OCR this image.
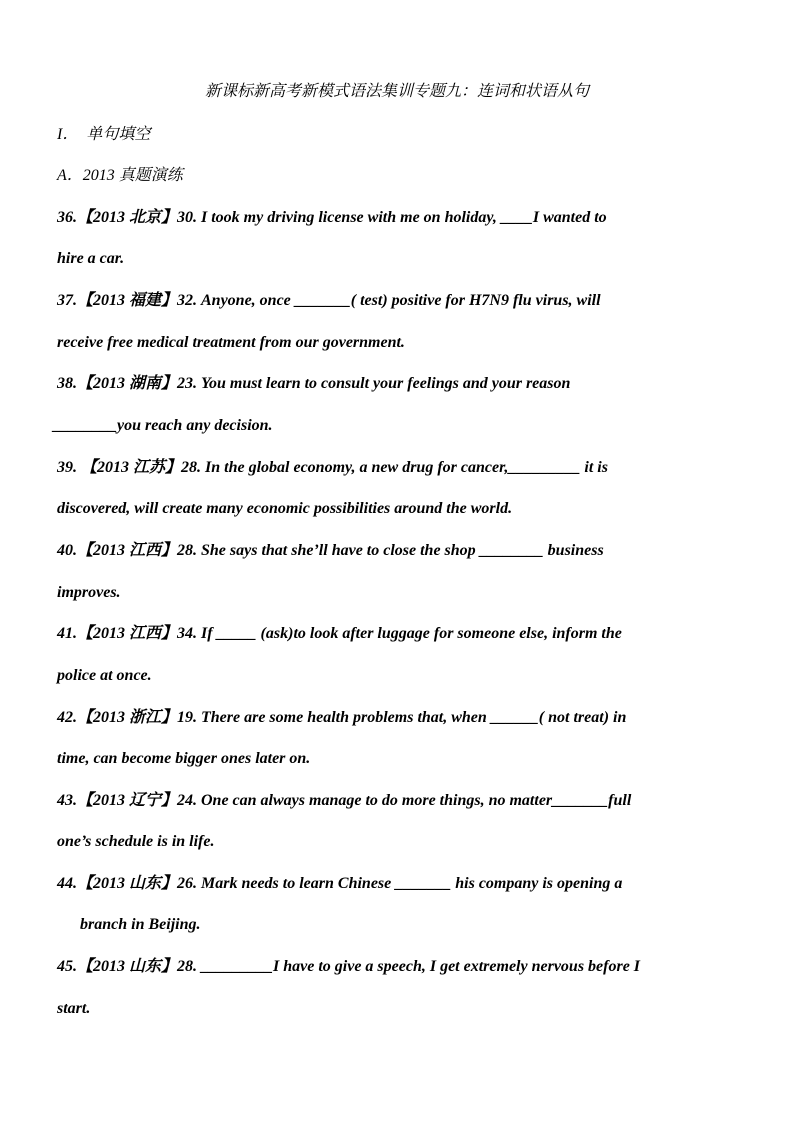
新课标新高考新模式语法集训专题九：连词和状语从句
I．　单句填空
A．2013 真题演练
36.【2013 北京】30. I took my driving license with me on holiday, ____I wanted to
hire a car.
37.【2013 福建】32. Anyone, once _______( test) positive for H7N9 flu virus, will
receive free medical treatment from our government.
38.【2013 湖南】23. You must learn to consult your feelings and your reason
________you reach any decision.
39. 【2013 江苏】28. In the global economy, a new drug for cancer,_________ it is
discovered, will create many economic possibilities around the world.
40.【2013 江西】28. She says that she’ll have to close the shop ________ business
improves.
41.【2013 江西】34. If _____ (ask)to look after luggage for someone else, inform the
police at once.
42.【2013 浙江】19. There are some health problems that, when ______( not treat) in
time, can become bigger ones later on.
43.【2013 辽宁】24. One can always manage to do more things, no matter_______full
one’s schedule is in life.
44.【2013 山东】26. Mark needs to learn Chinese _______ his company is opening a
branch in Beijing.
45.【2013 山东】28. _________I have to give a speech, I get extremely nervous before I
start.
